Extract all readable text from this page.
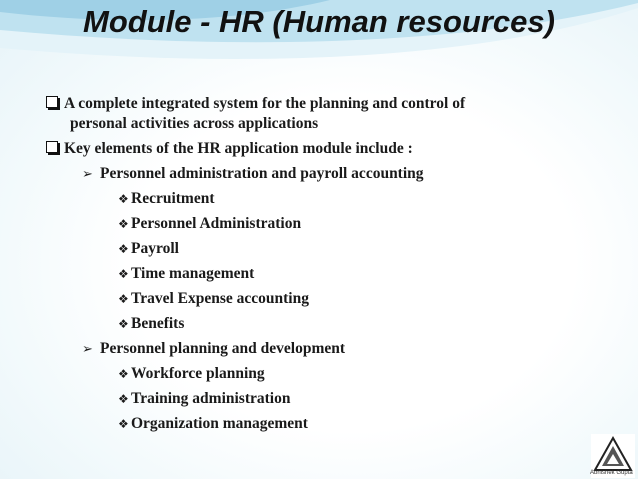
Module - HR (Human resources)
A complete integrated system for the planning and control of
personal activities across applications
Key elements of the HR application module include :
➢ Personnel administration and payroll accounting
❖ Recruitment
❖ Personnel Administration
❖ Payroll
❖ Time management
❖ Travel Expense accounting
❖ Benefits
➢ Personnel planning and development
❖ Workforce planning
❖ Training administration
❖ Organization management
Abhishek Gupta
